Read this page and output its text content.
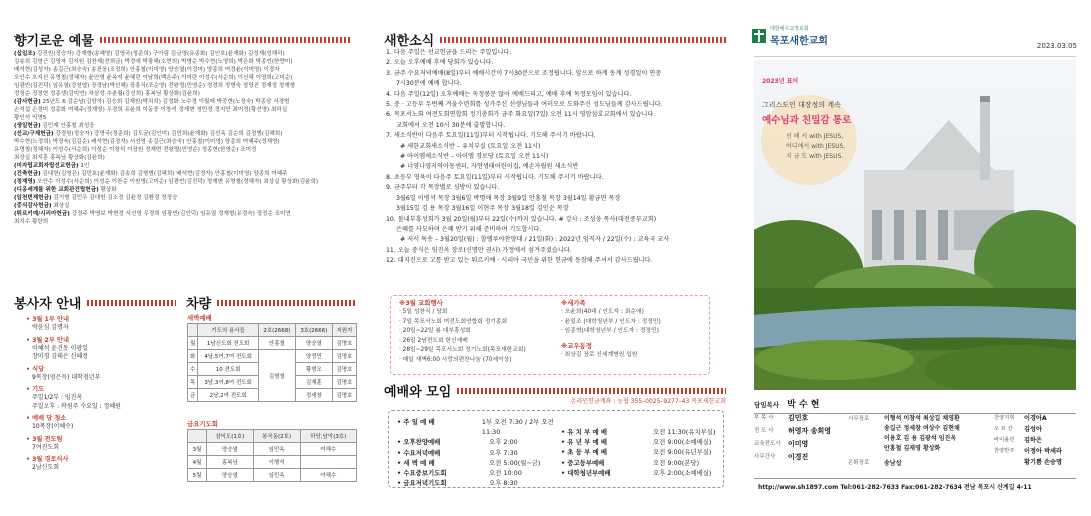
향기로운 예물
(십일조) 강진원(정승자) 강재형(송혜영) 김영국(정준희) 구아림 김금영(유종화) 김인호(윤재화) 김성재(성해리)
김송희 김영근 김영자 김지원 김찬제(전희금) 박경애 박광해(소현희) 박병순 박수현(노영희) 박은화 박종언(한향미)
배석현(김성자) 송길근(최승숙) 송진웅(조정희) 안홍철(이미영) 양승열(이정미) 양종희 여경윤(이미영) 이경자
오안수 오지선 유명철(정혜자) 윤안영 윤옥석 윤혜린 이남희(백은주) 이미란 이성수(서순희) 이신혜 이영희(고미순)
임광빈(김진덕) 임유열(강천엽) 장경남(박선혜) 장흥식(조순영) 전왕렬(민영순) 정경희 정명숙 정영진 정재정 정재형
정청순 정정현 정종생(김미연) 차삼성 추춘월(강선희) 홍복님 황상화(김윤희)
(감사헌금) 25년도 6 감순남(김양자) 김승희 김재원(박치치) 김정화 노수경 이월레 박중현(노정숙) 박종삼 서경범
손석섭 손정미 정종화 여혜주(정재영) 우경희 유윤희 이동중 이창석 정재변 정민정 정지민 최미정(황선영) 최하실
황인석 익명5
(생일헌금) 김민재 안홍철 최성웅
(선교/구제헌금) 강경원(정승자) 강명국(정준희) 김도균(김인미) 김민희(윤재화) 김선옥 김순희 김정범(김혜희)
박수현(노정희) 박정욱(김길순) 배석현(김정자) 서선영 송길근(최승숙) 안홍철(이미영) 양종희 여혜주(정재영)
유명철(정혜자) 이성수(서순희) 이성순 이창석 이장원 정재변 전왕렬(민영순) 정종현(한영순) 조미정
최상실 최지훈 홍복님 황상화(김윤희)
(미자립교회자립선교헌금) 1인
(건축헌금) 김대헌(김영은) 김민호(윤재화) 김송희 김형범(김혜희) 배석현(김정자) 안홍철(이미영) 양종희 여혜주
(정재영) 오안수 이성수(서순희) 이성순 이찬순 이원명(고미순) 임광빈(김진덕) 정재변 유명철(정혜자) 최상실 황상화(김윤희)
(디옹세계를 위한 교회관건립헌금) 황상화
(일천번제헌금) 김기형 김민우 김대헌 김소정 김윤정 김환정 정정승
(중식감사헌금) 최상실
(튀르키예/시리아헌금) 강정주 박영보 박현정 서선영 우경희 임광빈(김인덕) 임유열 정재형(유경숙) 정정순 조미연
최지수 황란희
봉사자 안내
• 3월 1부 안내
박윤심 김명자
• 3월 2부 안내
이혜석 윤건동 이광일
장미경 김태은 신혜정
• 식당
9목장(엄은득) 대학청년부
• 기도
주일1/2부 : 임진옥
주일오후 : 곽원주 수요일 : 정혜원
• 예배 당 청소
10목장(이혜수)
• 3월 전도팀
7여진도회
• 3월 경로식사
2남신도회
차량
새벽예배
	기도의 용사들	2호(2668)	3호(2666)	지원자
월	1남신도회 전도회	안홍철	양승열	김명호
화	4남,5여,7여 전도회	김형철	양정민	김명호
수	10 전도회		황형오	김명호
목	3남,3여,8여 전도회		김재훈	김명호
금	2남,2여 전도회		정세창	김명호
금요기도회
	삼익도(1호)	봉곡동(2호)	하당,남악(3호)
3월	양승열	임민옥	여해수
4월	홍복님	이행석	
5월	양승열	임민옥	여해수
새한소식

1. 다음 주일은 선교헌금을 드리는 주일입니다.

2. 오늘 오후예배 후에 당회가 있습니다.

3. 금주 수요저녁예배(8일)부터 예배시간이 7시30분으로 조정됩니다. 앞으로 하계 동계 성경일이 연중

7시30분에 예배 합니다.

4. 다음 주일(12일) 오후예배는 독정봉문 않아 예배드리고, 예배 후에 독정모임이 있습니다.

5. 중 · 고등부 두번째 겨울수련회를 성가주신 선생님들과 여러모로 도와주신 성도님들께 감사드립니다.

6. 목포서노회 여전도회연합회 정기총회가 금주 화요일(7일) 오전 11시 영암삼호교회에서 있습니다.

교회에서 오전 10시 30분에 출발합니다.

7. 새소식반이 다음주 토요일(11일)부터 시작됩니다. 기도해 주시기 바랍니다.

# 새한교회새소식반 – 유치부실 (토요일 오전 11시)

# 아이엠새소식반 – 아이엠 경로당 (토요일 오전 11시)

# 너영나영지역아동센터, 자연생태어린이집, 예손자립원 새소식반

8. 초등부 영육이 다음주 토요일(11일)부터 시작됩니다. 기도해 주시기 바랍니다.

9. 금주부터 각 목장별로 심방이 있습니다.

3월6일 이병석 목장 3월6일 박명애 목장 3월9일 안홍철 목장 3월14일 황금면 목장

3월15일 김 용 목장 3월16일 이현주 목장 3월18일 김인순 목장

10. 볼내부흥성회가 3월 20일(월)부터 22일(수)까지 있습니다. # 강사 : 조성웅 목사(대전중부교회)

은혜를 사모하며 은혜 받기 위해 준비하며 기도합시다.

# 저서 특송 – 3월20일(월) : 할렐루야찬양대 / 21일(화) : 2022년 임직자 / 22일(수) : 교육국 교사

11. 오늘 중식은 임진옥 장로(신명만 권사) 가정에서 섬겨주셨습니다.

12. 대지진으로 고통 받고 있는 튀르키예 · 시리아 국민을 위한 헌금에 동참해 주셔서 감사드립니다.

※3월 교회행사
· 5일 성찬식 / 당회
· 7일 목포서노회 여전도회연합회 정기총회
· 20일~22일 봄 대부흥성회
· 26일 2남전도회 헌신예배
· 28일~29일 목포서노회 정기노회(목포새한교회)
· 매일 새벽6:00 사랑의편찬나눔 (70세이상)
※새가족
· 오윤희(40대 / 인도자 : 최순애)
· 윤일조 (대학청년부 / 인도자 : 정정민)
· 임종혁(대학청년부 / 인도자 : 정정민)
※교우동정
· 최상길 장로 신세계병원 입원
예배와 모임
온라인헌금계좌 : 농협 355–0025–9277–43 목포새한교회
• 주 일 예 배	1부 오전 7:30 / 2부 오전 11:30
• 오후찬양예배	오후 2:00
• 수요저녁예배	오후 7:30
• 새 벽 예 배	오전 5:00(월~금)
• 수요중보기도회	오전 10:00
• 금요저녁기도회	오후 8:30
• 유 치 부 예 배	오전 11:30(유치부실)
• 유 년 부 예 배	오전 9:00(소예배실)
• 초 등 부 예 배	오전 9:00(유년부실)
• 중고등부예배	오전 9:00(본당)
• 대학청년부예배	오후 2:00(소예배실)
대한예수교장로회
목포새한교회	2023.03.05
2023년 표어
그리스도인 대장정의 계속
예수님과 친밀감 통로
선 해 서 with JESUS,
어디에서 with JESUS,
지 금 도 with JESUS.
담임목사 박 수 현
부 목 사	김민호
전 도 사	허영자 송희영
교육전도사	이미영
사무간사	이경진
시무장로	이형석 이창석 최상길 채영환
송길근 정세창 여상수 김현채
이용호 김 용 김광석 임진옥
안홍철 김재영 황상화
은퇴장로	송남섭
찬양지휘	이경아A
오 르 간	김성아
바이올린	김하은
찬양반주	이정아 박세라
황기쁨 손승명
http://www.sh1897.com Tel:061-282-7633 Fax:061-282-7634 전남 목포시 산계길 4-11
